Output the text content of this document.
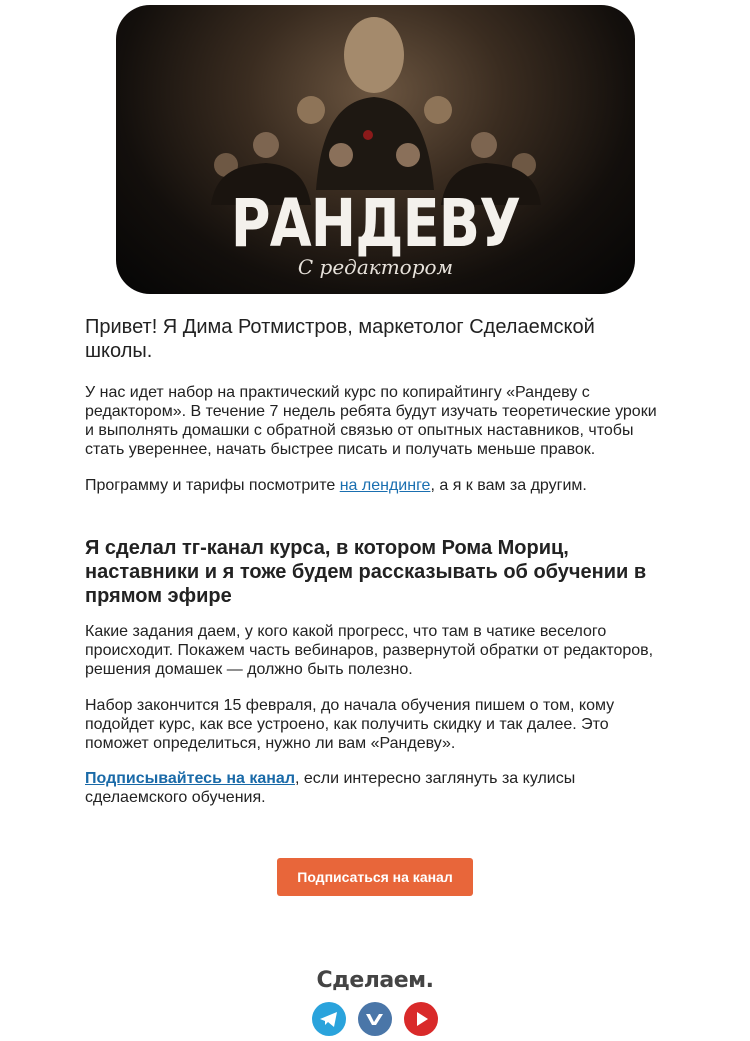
РАНДЕВУ
С редактором

Привет! Я Дима Ротмистров, маркетолог Сделаемской школы.

У нас идет набор на практический курс по копирайтингу «Рандеву с редактором». В течение 7 недель ребята будут изучать теоретические уроки и выполнять домашки с обратной связью от опытных наставников, чтобы стать увереннее, начать быстрее писать и получать меньше правок.

Программу и тарифы посмотрите на лендинге, а я к вам за другим.

Я сделал тг-канал курса, в котором Рома Мориц, наставники и я тоже будем рассказывать об обучении в прямом эфире

Какие задания даем, у кого какой прогресс, что там в чатике веселого происходит. Покажем часть вебинаров, развернутой обратки от редакторов, решения домашек — должно быть полезно.

Набор закончится 15 февраля, до начала обучения пишем о том, кому подойдет курс, как все устроено, как получить скидку и так далее. Это поможет определиться, нужно ли вам «Рандеву».

Подписывайтесь на канал, если интересно заглянуть за кулисы сделаемского обучения.

Подписаться на канал
Сделаем.
